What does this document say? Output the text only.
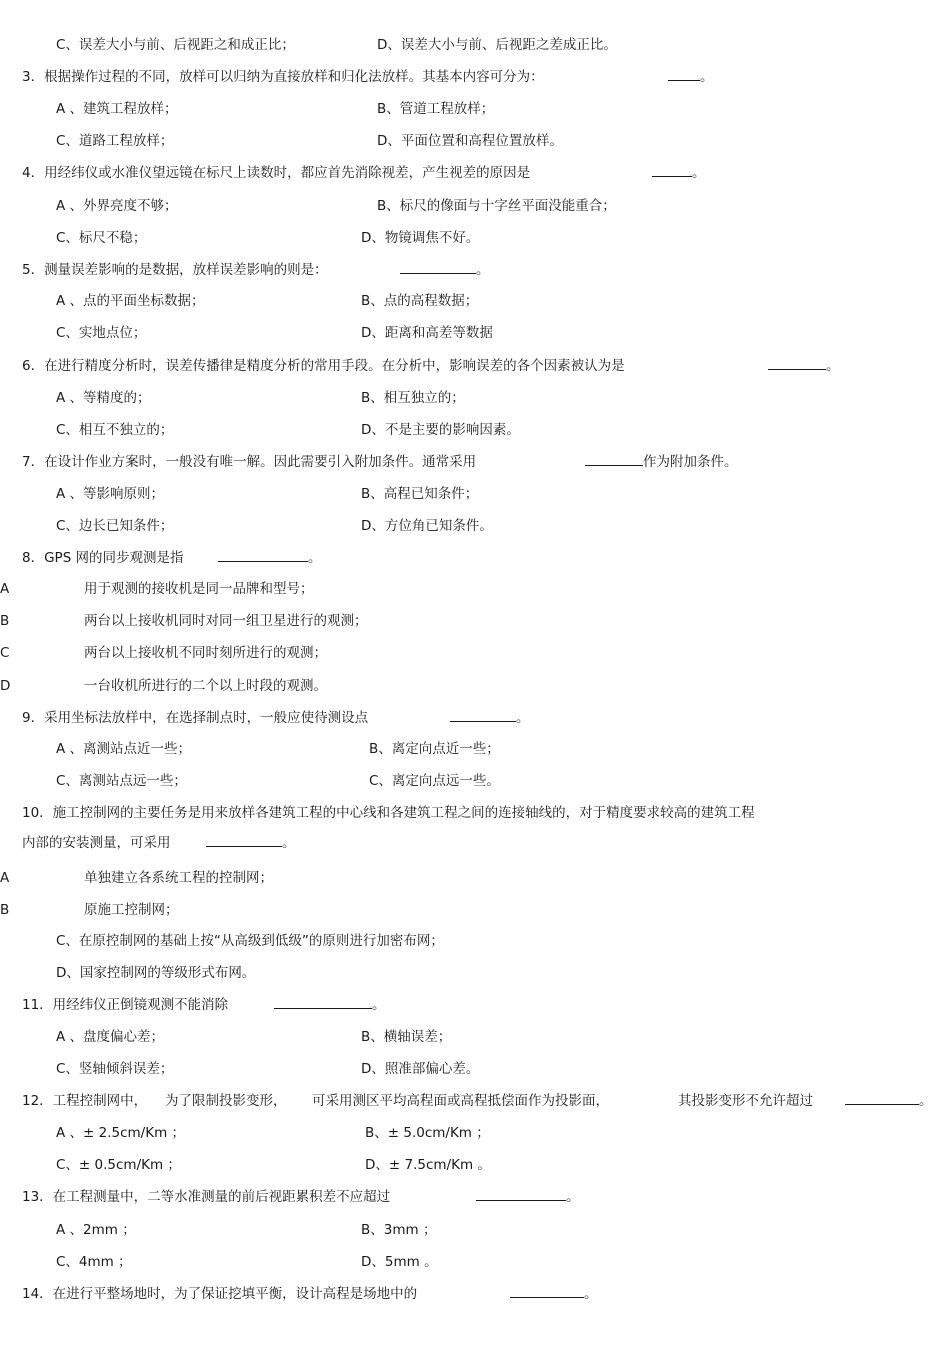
C、误差大小与前、后视距之和成正比；	D、误差大小与前、后视距之差成正比。
3．根据操作过程的不同，放样可以归纳为直接放样和归化法放样。其基本内容可分为：	。
A 、建筑工程放样；	B、管道工程放样；
C、道路工程放样；	D、平面位置和高程位置放样。
4．用经纬仪或水准仪望远镜在标尺上读数时，都应首先消除视差，产生视差的原因是	。
A 、外界亮度不够；	B、标尺的像面与十字丝平面没能重合；
C、标尺不稳；	D、物镜调焦不好。
5．测量误差影响的是数据，放样误差影响的则是：	。
A 、点的平面坐标数据；	B、点的高程数据；
C、实地点位；	D、距离和高差等数据
6．在进行精度分析时，误差传播律是精度分析的常用手段。在分析中，影响误差的各个因素被认为是	。
A 、等精度的；	B、相互独立的；
C、相互不独立的；	D、不是主要的影响因素。
7．在设计作业方案时，一般没有唯一解。因此需要引入附加条件。通常采用	作为附加条件。
A 、等影响原则；	B、高程已知条件；
C、边长已知条件；	D、方位角已知条件。
8．GPS 网的同步观测是指	。
A	用于观测的接收机是同一品牌和型号；
B	两台以上接收机同时对同一组卫星进行的观测；
C	两台以上接收机不同时刻所进行的观测；
D	一台收机所进行的二个以上时段的观测。
9．采用坐标法放样中，在选择制点时，一般应使待测设点	。
A 、离测站点近一些；	B、离定向点近一些；
C、离测站点远一些；	C、离定向点远一些。
10．施工控制网的主要任务是用来放样各建筑工程的中心线和各建筑工程之间的连接轴线的，对于精度要求较高的建筑工程
内部的安装测量，可采用	。
A	单独建立各系统工程的控制网；
B	原施工控制网；
C、在原控制网的基础上按“从高级到低级”的原则进行加密布网；
D、国家控制网的等级形式布网。
11．用经纬仪正倒镜观测不能消除	。
A 、盘度偏心差；	B、横轴误差；
C、竖轴倾斜误差；	D、照准部偏心差。
12．工程控制网中， 为了限制投影变形， 可采用测区平均高程面或高程抵偿面作为投影面，	其投影变形不允许超过	。
A 、± 2.5cm/Km ；	B、± 5.0cm/Km ；
C、± 0.5cm/Km ；	D、± 7.5cm/Km 。
13．在工程测量中，二等水准测量的前后视距累积差不应超过	。
A 、2mm ；	B、3mm ；
C、4mm ；	D、5mm 。
14．在进行平整场地时，为了保证挖填平衡，设计高程是场地中的	。
